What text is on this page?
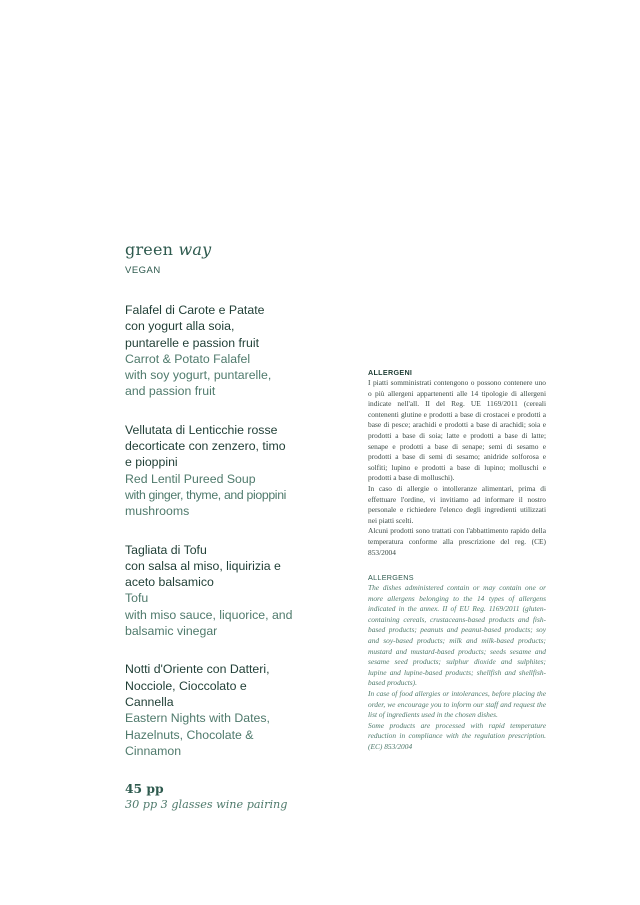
green way

VEGAN

Falafel di Carote e Patate

con yogurt alla soia,

puntarelle e passion fruit

Carrot & Potato Falafel

with soy yogurt, puntarelle,

and passion fruit

Vellutata di Lenticchie rosse

decorticate con zenzero, timo

e pioppini

Red Lentil Pureed Soup

with ginger, thyme, and pioppini

mushrooms

Tagliata di Tofu

con salsa al miso, liquirizia e

aceto balsamico

Tofu

with miso sauce, liquorice, and

balsamic vinegar

Notti d'Oriente con Datteri,

Nocciole, Cioccolato e

Cannella

Eastern Nights with Dates,

Hazelnuts, Chocolate &

Cinnamon

45 pp
30 pp 3 glasses wine pairing

ALLERGENI

I piatti somministrati contengono o possono contenere uno o più allergeni appartenenti alle 14 tipologie di allergeni indicate nell'all. II del Reg. UE 1169/2011 (cereali contenenti glutine e prodotti a base di crostacei e prodotti a base di pesce; arachidi e prodotti a base di arachidi; soia e prodotti a base di soia; latte e prodotti a base di latte; senape e prodotti a base di senape; semi di sesamo e prodotti a base di semi di sesamo; anidride solforosa e solfiti; lupino e prodotti a base di lupino; molluschi e prodotti a base di molluschi).

In caso di allergie o intolleranze alimentari, prima di effettuare l'ordine, vi invitiamo ad informare il nostro personale e richiedere l'elenco degli ingredienti utilizzati nei piatti scelti.

Alcuni prodotti sono trattati con l'abbattimento rapido della temperatura conforme alla prescrizione del reg. (CE) 853/2004

ALLERGENS

The dishes administered contain or may contain one or more allergens belonging to the 14 types of allergens indicated in the annex. II of EU Reg. 1169/2011 (gluten-containing cereals, crustaceans-based products and fish-based products; peanuts and peanut-based products; soy and soy-based products; milk and milk-based products; mustard and mustard-based products; seeds sesame and sesame seed products; sulphur dioxide and sulphites; lupine and lupine-based products; shellfish and shellfish-based products).

In case of food allergies or intolerances, before placing the order, we encourage you to inform our staff and request the list of ingredients used in the chosen dishes.

Some products are processed with rapid temperature reduction in compliance with the regulation prescription. (EC) 853/2004
